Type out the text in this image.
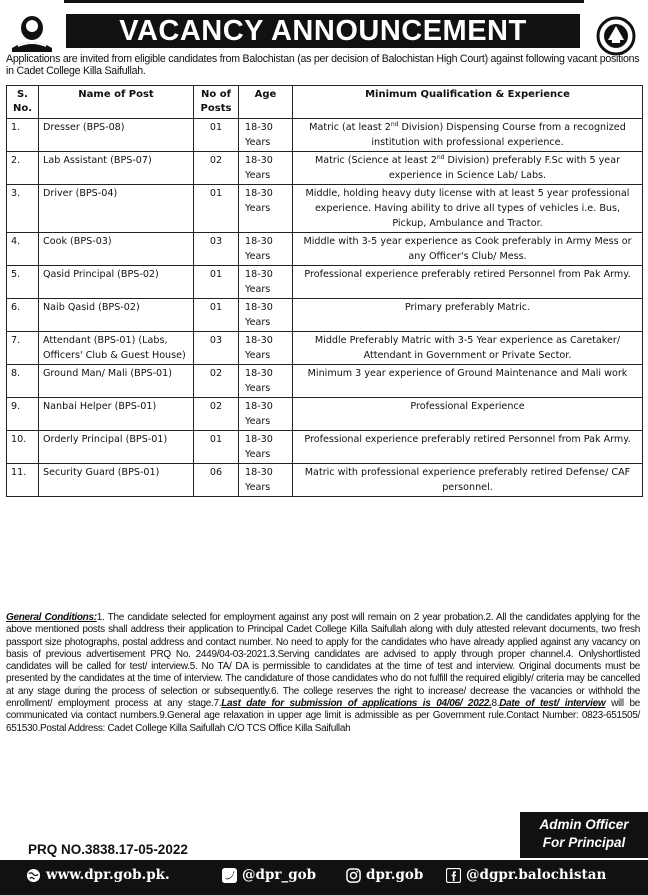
VACANCY ANNOUNCEMENT
Applications are invited from eligible candidates from Balochistan (as per decision of Balochistan High Court) against following vacant positions in Cadet College Killa Saifullah.
S. No.	Name of Post	No of Posts	Age	Minimum Qualification & Experience
1.	Dresser (BPS-08)	01	18-30 Years	Matric (at least 2nd Division) Dispensing Course from a recognized institution with professional experience.
2.	Lab Assistant (BPS-07)	02	18-30 Years	Matric (Science at least 2nd Division) preferably F.Sc with 5 year experience in Science Lab/ Labs.
3.	Driver (BPS-04)	01	18-30 Years	Middle, holding heavy duty license with at least 5 year professional experience. Having ability to drive all types of vehicles i.e. Bus, Pickup, Ambulance and Tractor.
4.	Cook (BPS-03)	03	18-30 Years	Middle with 3-5 year experience as Cook preferably in Army Mess or any Officer's Club/ Mess.
5.	Qasid Principal (BPS-02)	01	18-30 Years	Professional experience preferably retired Personnel from Pak Army.
6.	Naib Qasid (BPS-02)	01	18-30 Years	Primary preferably Matric.
7.	Attendant (BPS-01) (Labs, Officers' Club & Guest House)	03	18-30 Years	Middle Preferably Matric with 3-5 Year experience as Caretaker/ Attendant in Government or Private Sector.
8.	Ground Man/ Mali (BPS-01)	02	18-30 Years	Minimum 3 year experience of Ground Maintenance and Mali work
9.	Nanbai Helper (BPS-01)	02	18-30 Years	Professional Experience
10.	Orderly Principal (BPS-01)	01	18-30 Years	Professional experience preferably retired Personnel from Pak Army.
11.	Security Guard (BPS-01)	06	18-30 Years	Matric with professional experience preferably retired Defense/ CAF personnel.
General Conditions:1. The candidate selected for employment against any post will remain on 2 year probation.2. All the candidates applying for the above mentioned posts shall address their application to Principal Cadet College Killa Saifullah along with duly attested relevant documents, two fresh passport size photographs, postal address and contact number. No need to apply for the candidates who have already applied against any vacancy on basis of previous advertisement PRQ No. 2449/04-03-2021.3.Serving candidates are advised to apply through proper channel.4. Onlyshortlisted candidates will be called for test/ interview.5. No TA/ DA is permissible to candidates at the time of test and interview. Original documents must be presented by the candidates at the time of interview. The candidature of those candidates who do not fulfill the required eligibly/ criteria may be cancelled at any stage during the process of selection or subsequently.6. The college reserves the right to increase/ decrease the vacancies or withhold the enrollment/ employment process at any stage.7.Last date for submission of applications is 04/06/ 2022.8.Date of test/ interview will be communicated via contact numbers.9.General age relaxation in upper age limit is admissible as per Government rule.Contact Number: 0823-651505/ 651530.Postal Address: Cadet College Killa Saifullah C/O TCS Office Killa Saifullah
PRQ NO.3838.17-05-2022
Admin Officer
For Principal
www.dpr.gob.pk.	@dpr_gob	dpr.gob	@dgpr.balochistan
